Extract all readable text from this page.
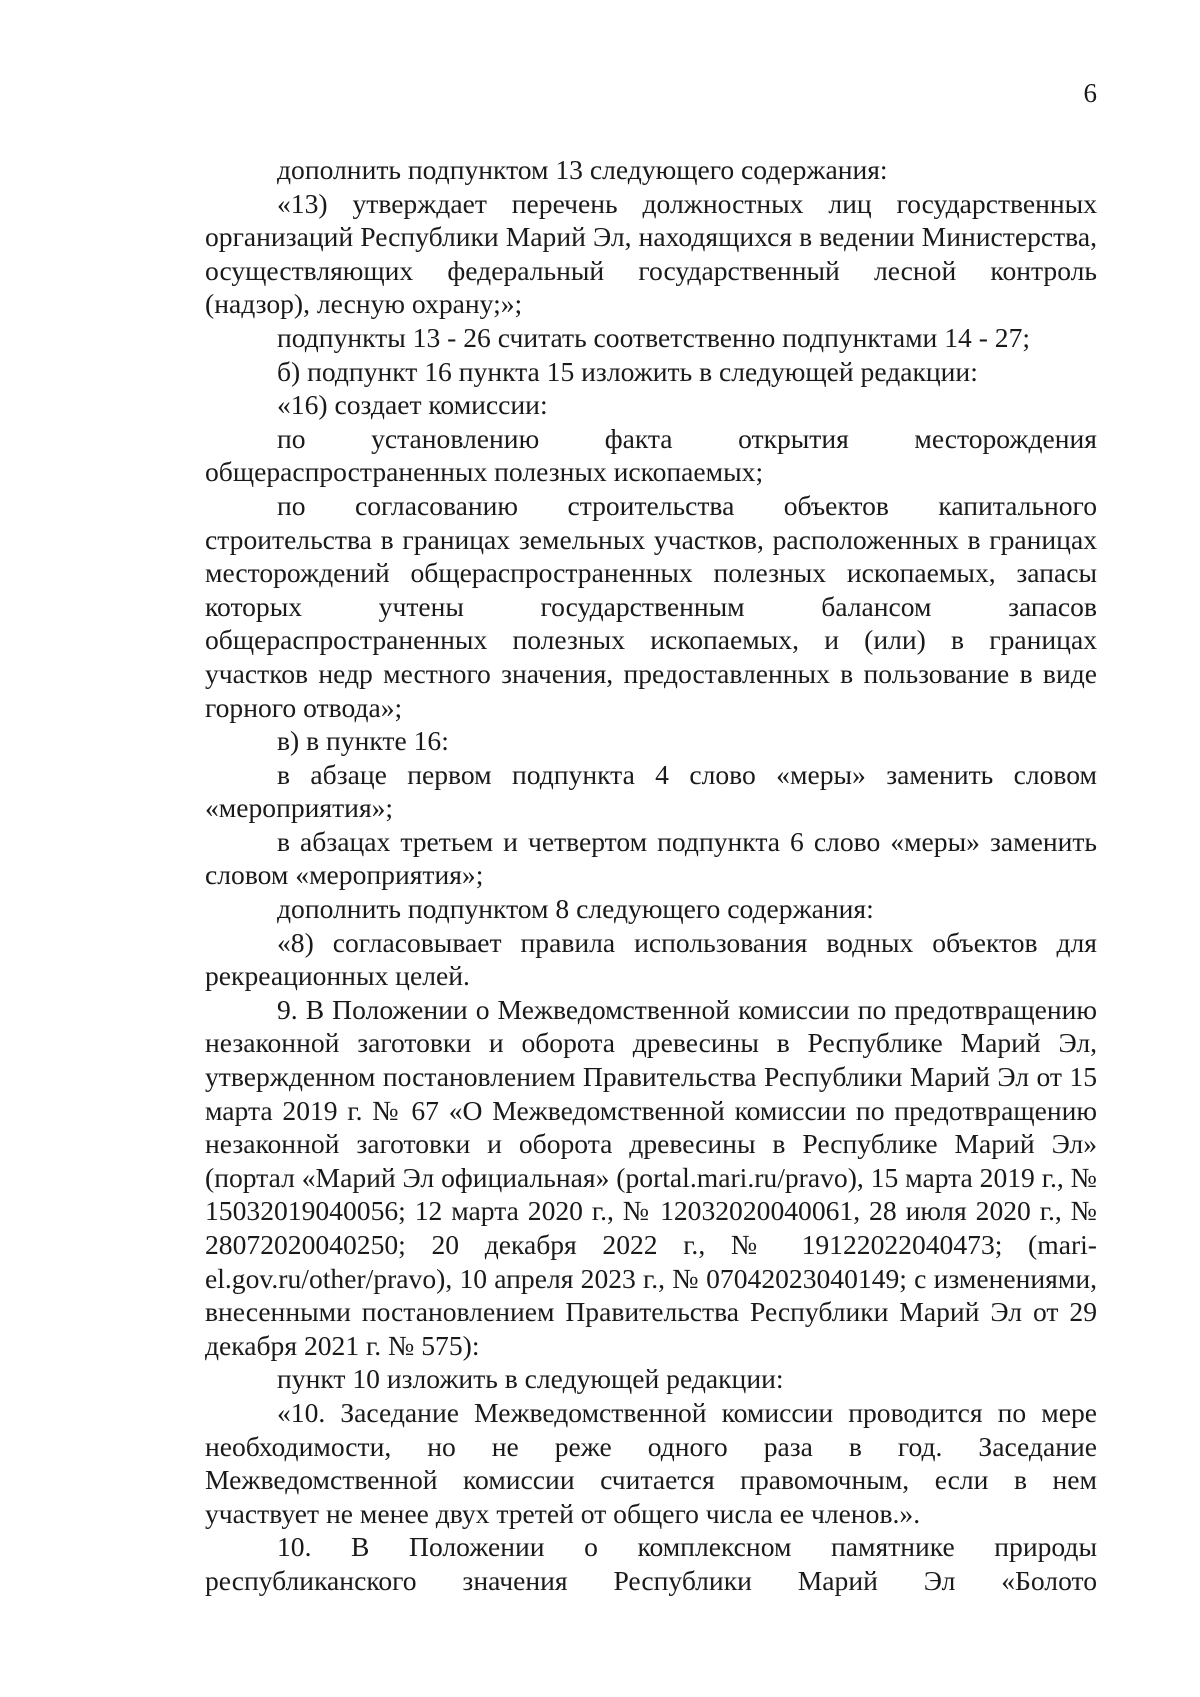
6

дополнить подпунктом 13 следующего содержания:

«13) утверждает перечень должностных лиц государственных организаций Республики Марий Эл, находящихся в ведении Министерства, осуществляющих федеральный государственный лесной контроль (надзор), лесную охрану;»;

подпункты 13 - 26 считать соответственно подпунктами 14 - 27;

б) подпункт 16 пункта 15 изложить в следующей редакции:

«16) создает комиссии:

по установлению факта открытия месторождения общераспространенных полезных ископаемых;

по согласованию строительства объектов капитального строительства в границах земельных участков, расположенных в границах месторождений общераспространенных полезных ископаемых, запасы которых учтены государственным балансом запасов общераспространенных полезных ископаемых, и (или) в границах участков недр местного значения, предоставленных в пользование в виде горного отвода»;

в) в пункте 16:

в абзаце первом подпункта 4 слово «меры» заменить словом «мероприятия»;

в абзацах третьем и четвертом подпункта 6 слово «меры» заменить словом «мероприятия»;

дополнить подпунктом 8 следующего содержания:

«8) согласовывает правила использования водных объектов для рекреационных целей.

9. В Положении о Межведомственной комиссии по предотвращению незаконной заготовки и оборота древесины в Республике Марий Эл, утвержденном постановлением Правительства Республики Марий Эл от 15 марта 2019 г. № 67 «О Межведомственной комиссии по предотвращению незаконной заготовки и оборота древесины в Республике Марий Эл» (портал «Марий Эл официальная» (portal.mari.ru/pravo), 15 марта 2019 г., № 15032019040056; 12 марта 2020 г., № 12032020040061, 28 июля 2020 г., № 28072020040250; 20 декабря 2022 г., № 19122022040473; (mari-el.gov.ru/other/pravo), 10 апреля 2023 г., № 07042023040149; с изменениями, внесенными постановлением Правительства Республики Марий Эл от 29 декабря 2021 г. № 575):

пункт 10 изложить в следующей редакции:

«10. Заседание Межведомственной комиссии проводится по мере необходимости, но не реже одного раза в год. Заседание Межведомственной комиссии считается правомочным, если в нем участвует не менее двух третей от общего числа ее членов.».

10. В Положении о комплексном памятнике природы республиканского значения Республики Марий Эл «Болото
